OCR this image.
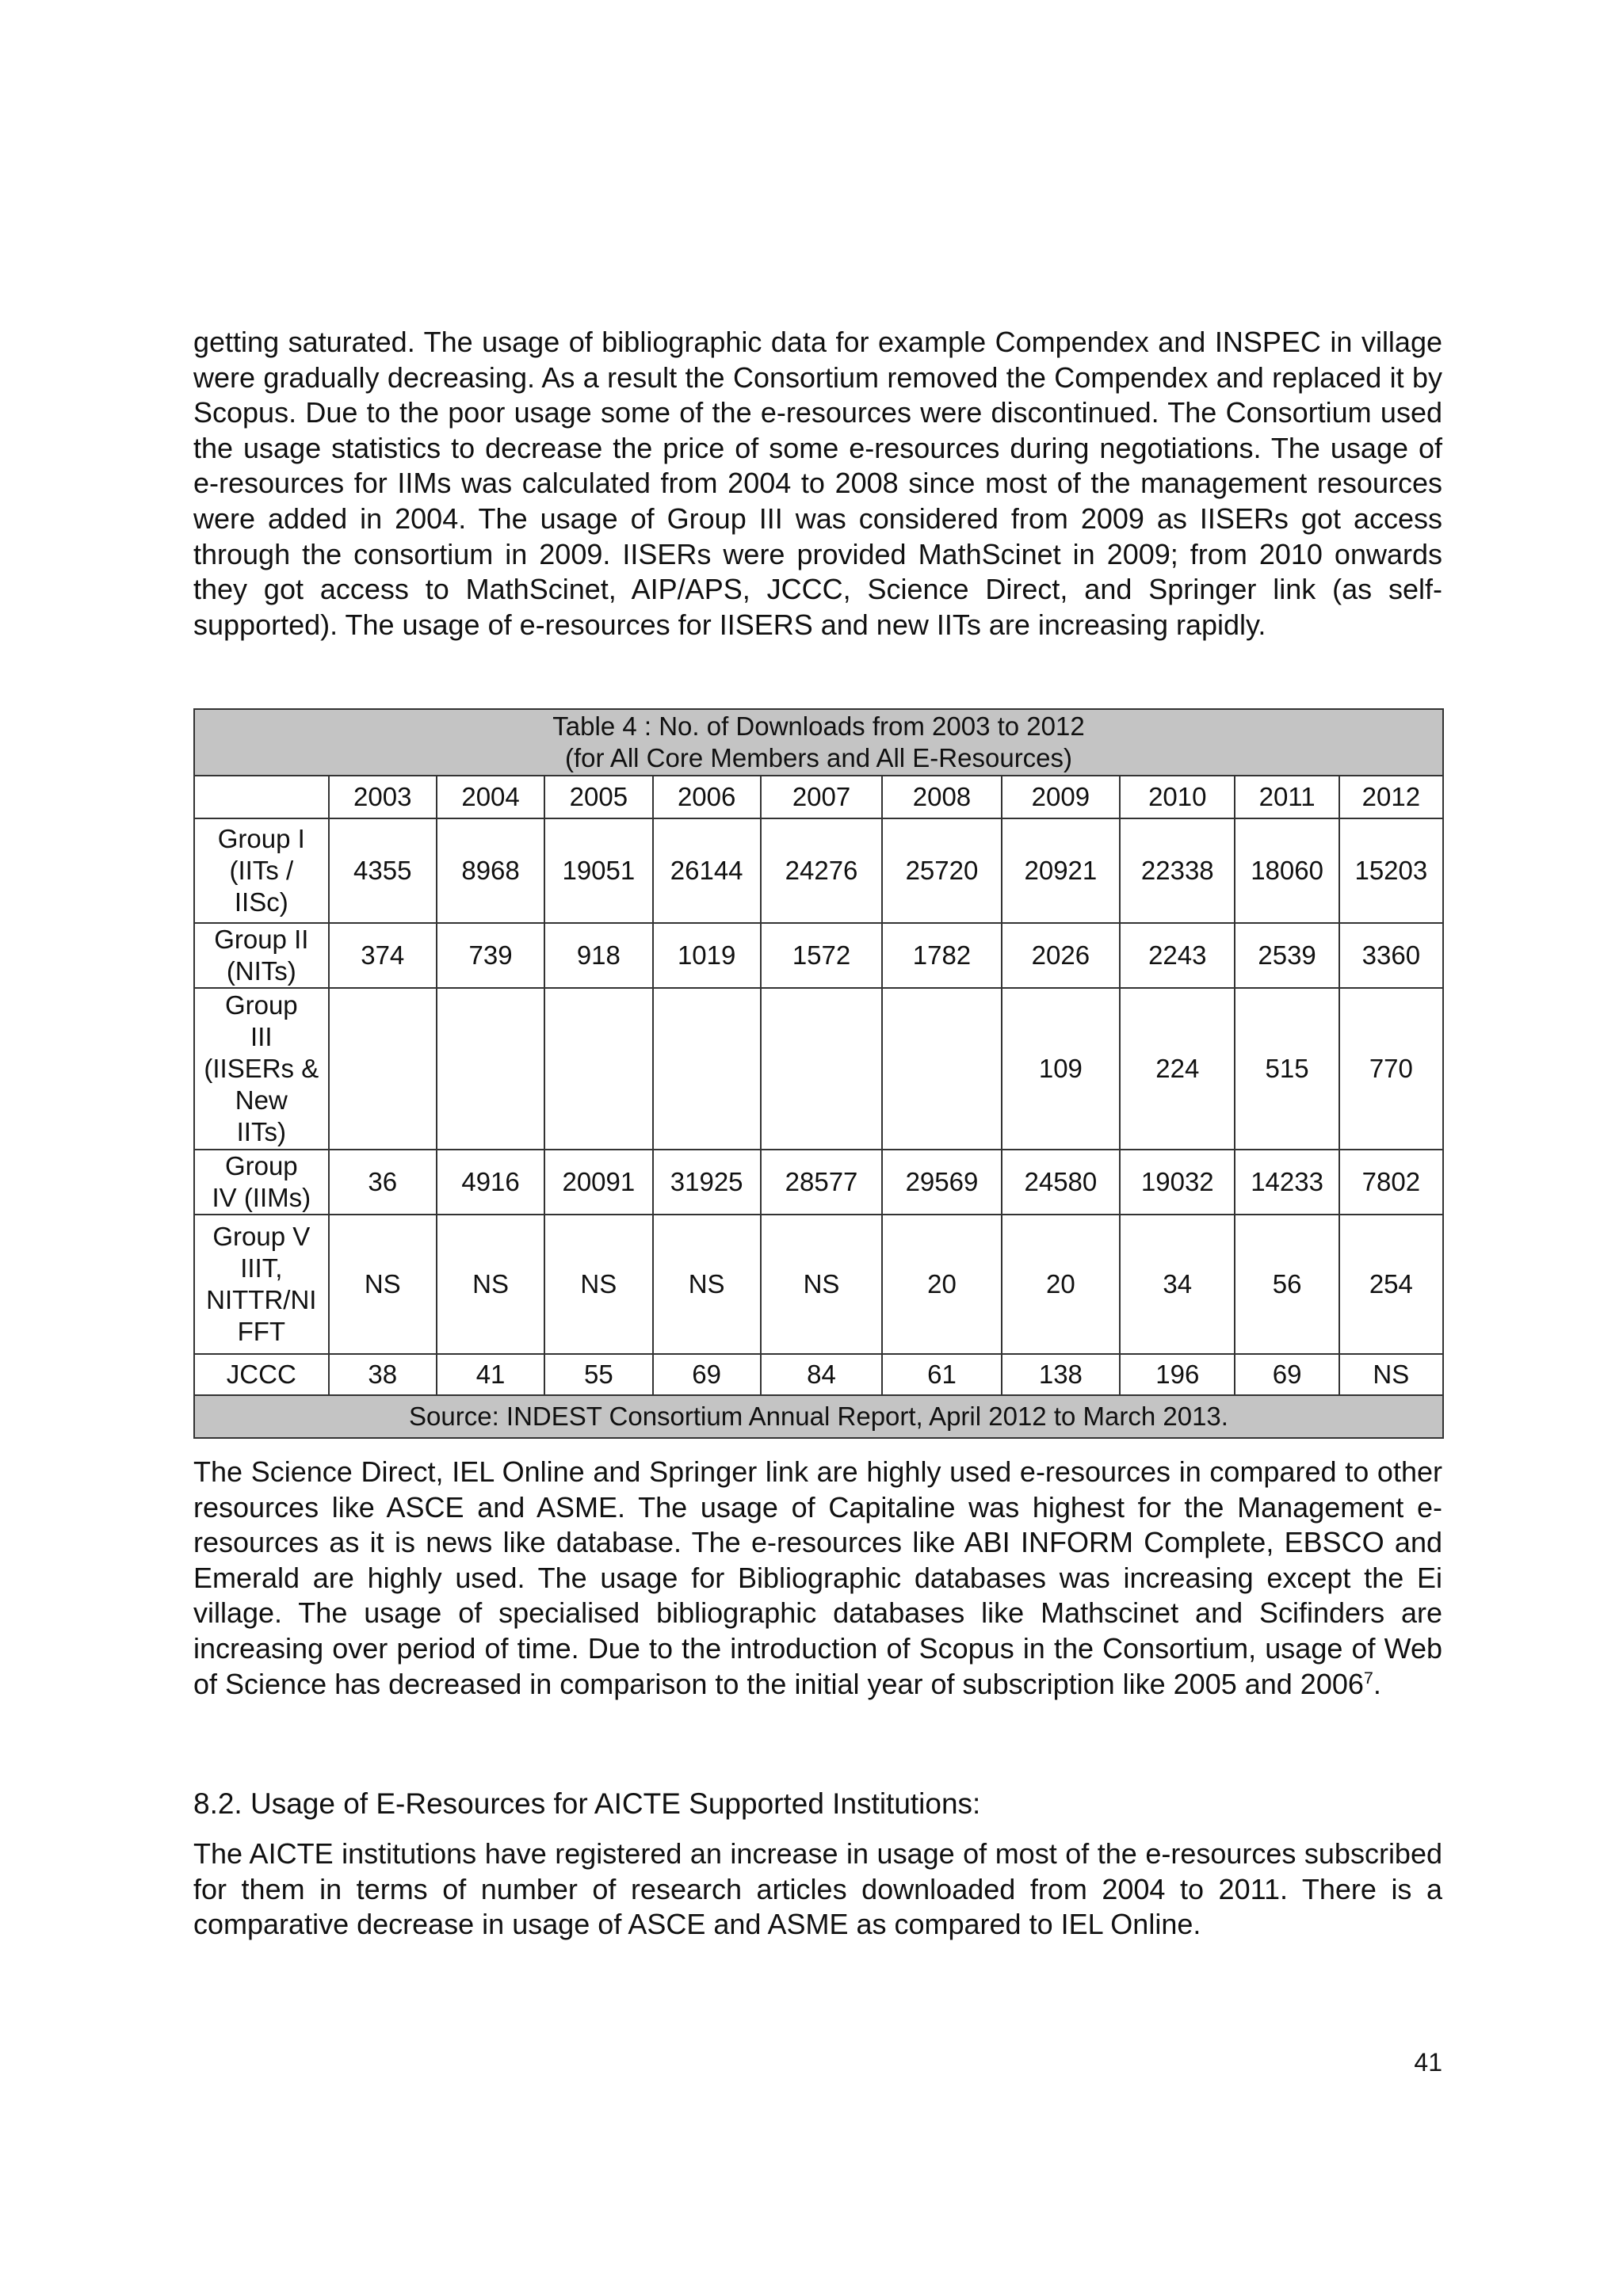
getting saturated. The usage of bibliographic data for example Compendex and INSPEC in village were gradually decreasing. As a result the Consortium removed the Compendex and replaced it by Scopus. Due to the poor usage some of the e-resources were discontinued. The Consortium used the usage statistics to decrease the price of some e-resources during negotiations. The usage of e-resources for IIMs was calculated from 2004 to 2008 since most of the management resources were added in 2004. The usage of Group III was considered from 2009 as IISERs got access through the consortium in 2009. IISERs were provided MathScinet in 2009; from 2010 onwards they got access to MathScinet, AIP/APS, JCCC, Science Direct, and Springer link (as self-supported). The usage of e-resources for IISERS and new IITs are increasing rapidly.

Table 4 : No. of Downloads from 2003 to 2012
(for All Core Members and All E-Resources)										

	2003	2004	2005	2006	2007	2008	2009	2010	2011	2012

Group I
(IITs /
IISc)	4355	8968	19051	26144	24276	25720	20921	22338	18060	15203

Group II
(NITs)	374	739	918	1019	1572	1782	2026	2243	2539	3360

Group
III
(IISERs &
New
IITs)							109	224	515	770

Group
IV (IIMs)	36	4916	20091	31925	28577	29569	24580	19032	14233	7802

Group V
IIIT,
NITTR/NI
FFT	NS	NS	NS	NS	NS	20	20	34	56	254

JCCC	38	41	55	69	84	61	138	196	69	NS
Source: INDEST Consortium Annual Report, April 2012 to March 2013.										

The Science Direct, IEL Online and Springer link are highly used e-resources in compared to other resources like ASCE and ASME. The usage of Capitaline was highest for the Management e-resources as it is news like database. The e-resources like ABI INFORM Complete, EBSCO and Emerald are highly used. The usage for Bibliographic databases was increasing except the Ei village. The usage of specialised bibliographic databases like Mathscinet and Scifinders are increasing over period of time. Due to the introduction of Scopus in the Consortium, usage of Web of Science has decreased in comparison to the initial year of subscription like 2005 and 2006$^7$.

8.2. Usage of E-Resources for AICTE Supported Institutions:

The AICTE institutions have registered an increase in usage of most of the e-resources subscribed for them in terms of number of research articles downloaded from 2004 to 2011. There is a comparative decrease in usage of ASCE and ASME as compared to IEL Online.

41
